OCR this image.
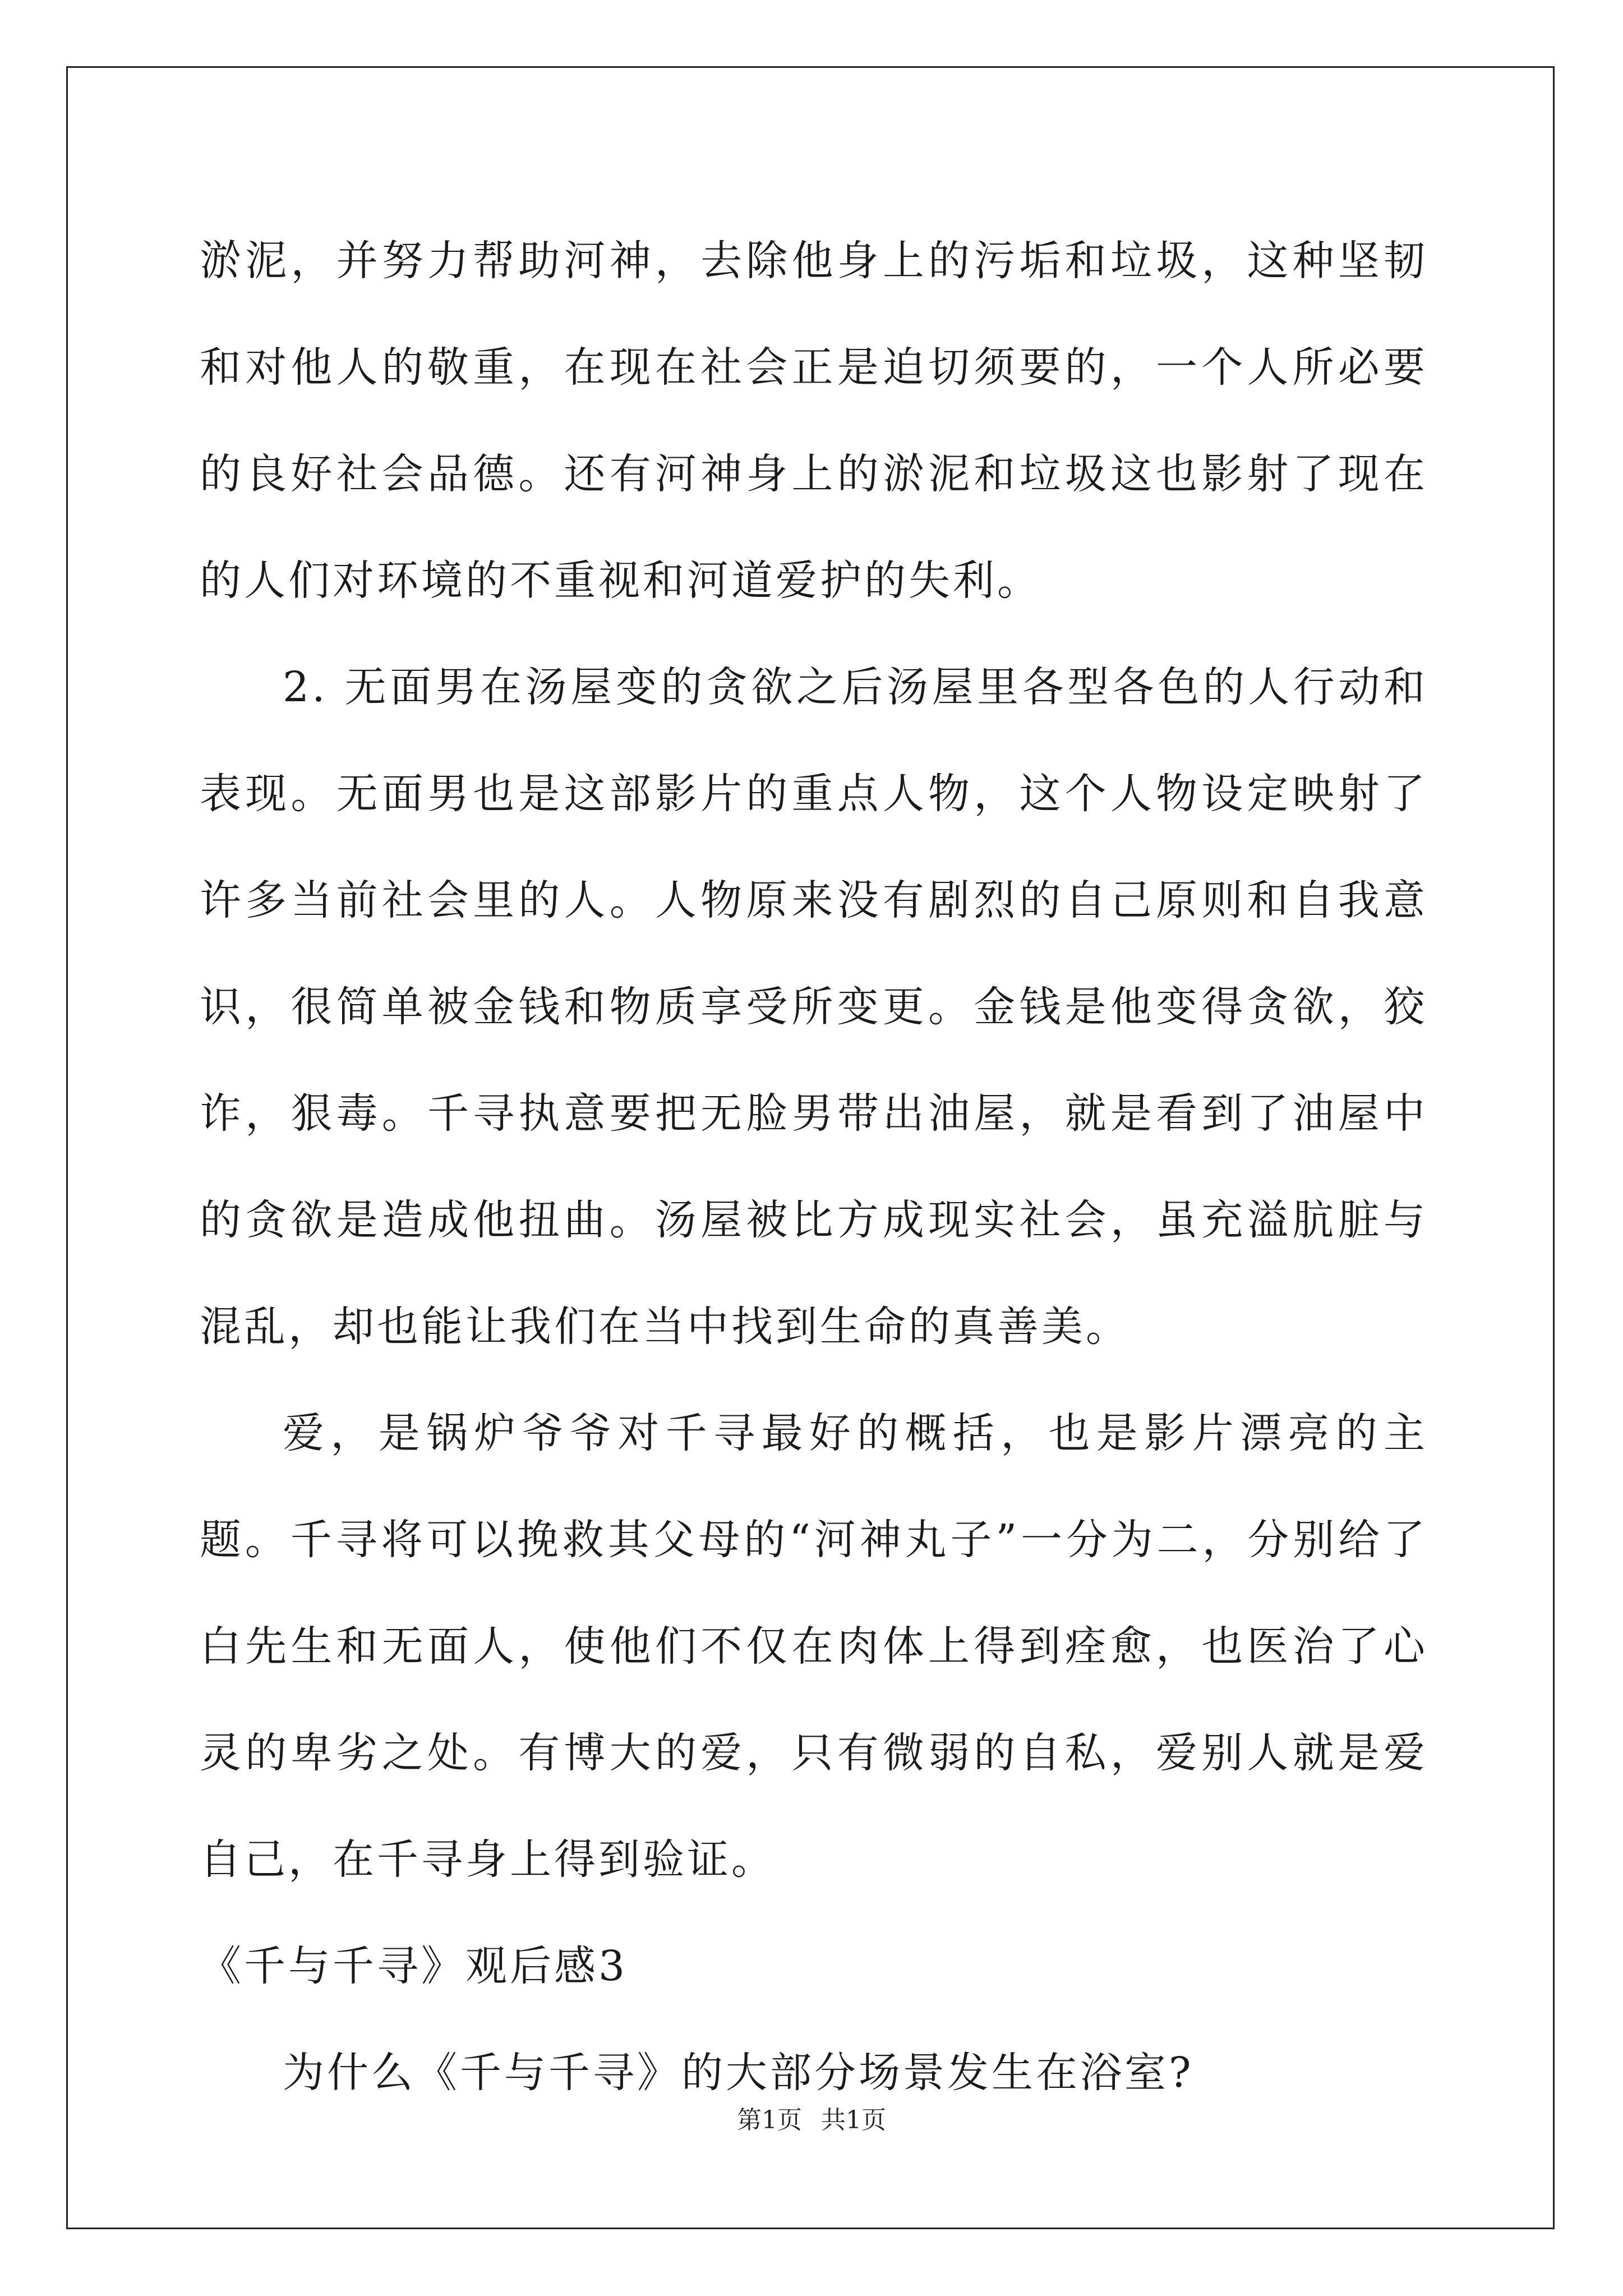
淤泥，并努力帮助河神，去除他身上的污垢和垃圾，这种坚韧和对他人的敬重，在现在社会正是迫切须要的，一个人所必要的良好社会品德。还有河神身上的淤泥和垃圾这也影射了现在的人们对环境的不重视和河道爱护的失利。

2. 无面男在汤屋变的贪欲之后汤屋里各型各色的人行动和表现。无面男也是这部影片的重点人物，这个人物设定映射了许多当前社会里的人。人物原来没有剧烈的自己原则和自我意识，很简单被金钱和物质享受所变更。金钱是他变得贪欲，狡诈，狠毒。千寻执意要把无脸男带出油屋，就是看到了油屋中的贪欲是造成他扭曲。汤屋被比方成现实社会，虽充溢肮脏与混乱，却也能让我们在当中找到生命的真善美。

爱，是锅炉爷爷对千寻最好的概括，也是影片漂亮的主题。千寻将可以挽救其父母的“河神丸子”一分为二，分别给了白先生和无面人，使他们不仅在肉体上得到痊愈，也医治了心灵的卑劣之处。有博大的爱，只有微弱的自私，爱别人就是爱自己，在千寻身上得到验证。

《千与千寻》观后感3

为什么《千与千寻》的大部分场景发生在浴室?

第1页 共1页
